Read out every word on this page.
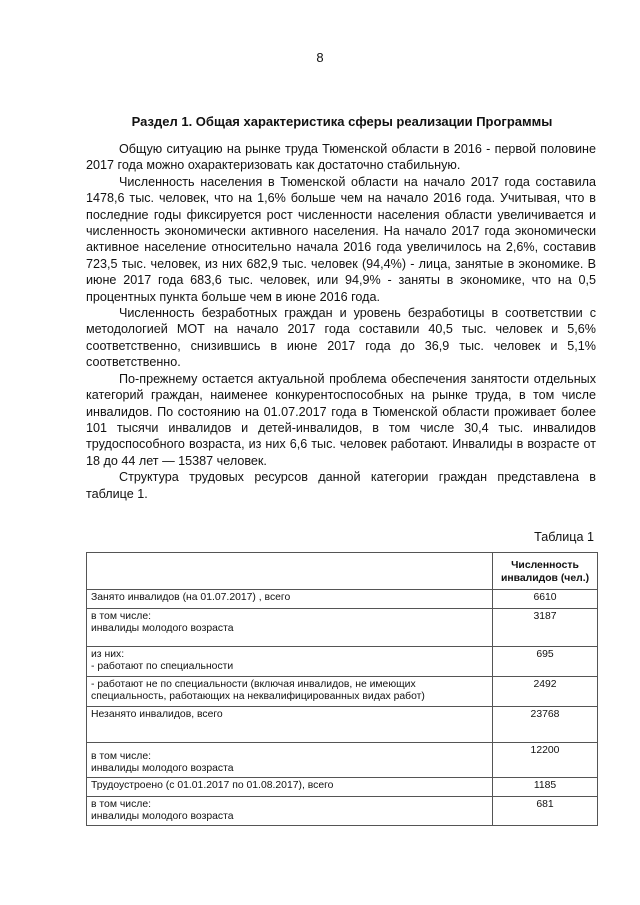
8
Раздел 1. Общая характеристика сферы реализации Программы

Общую ситуацию на рынке труда Тюменской области в 2016 - первой половине 2017 года можно охарактеризовать как достаточно стабильную.

Численность населения в Тюменской области на начало 2017 года составила 1478,6 тыс. человек, что на 1,6% больше чем на начало 2016 года. Учитывая, что в последние годы фиксируется рост численности населения области увеличивается и численность экономически активного населения. На начало 2017 года экономически активное население относительно начала 2016 года увеличилось на 2,6%, составив 723,5 тыс. человек, из них 682,9 тыс. человек (94,4%) - лица, занятые в экономике. В июне 2017 года 683,6 тыс. человек, или 94,9% - заняты в экономике, что на 0,5 процентных пункта больше чем в июне 2016 года.

Численность безработных граждан и уровень безработицы в соответствии с методологией МОТ на начало 2017 года составили 40,5 тыс. человек и 5,6% соответственно, снизившись в июне 2017 года до 36,9 тыс. человек и 5,1% соответственно.

По-прежнему остается актуальной проблема обеспечения занятости отдельных категорий граждан, наименее конкурентоспособных на рынке труда, в том числе инвалидов. По состоянию на 01.07.2017 года в Тюменской области проживает более 101 тысячи инвалидов и детей-инвалидов, в том числе 30,4 тыс. инвалидов трудоспособного возраста, из них 6,6 тыс. человек работают. Инвалиды в возрасте от 18 до 44 лет — 15387 человек.

Структура трудовых ресурсов данной категории граждан представлена в таблице 1.

Таблица 1
	Численность инвалидов (чел.)

Занято инвалидов (на 01.07.2017) , всего	6610

в том числе:
инвалиды молодого возраста	3187

из них:
- работают по специальности	695

- работают не по специальности (включая инвалидов, не имеющих специальность, работающих на неквалифицированных видах работ)	2492

Незанято инвалидов, всего	23768

в том числе:
инвалиды молодого возраста	12200

Трудоустроено (с 01.01.2017 по 01.08.2017), всего	1185

в том числе:
инвалиды молодого возраста	681
